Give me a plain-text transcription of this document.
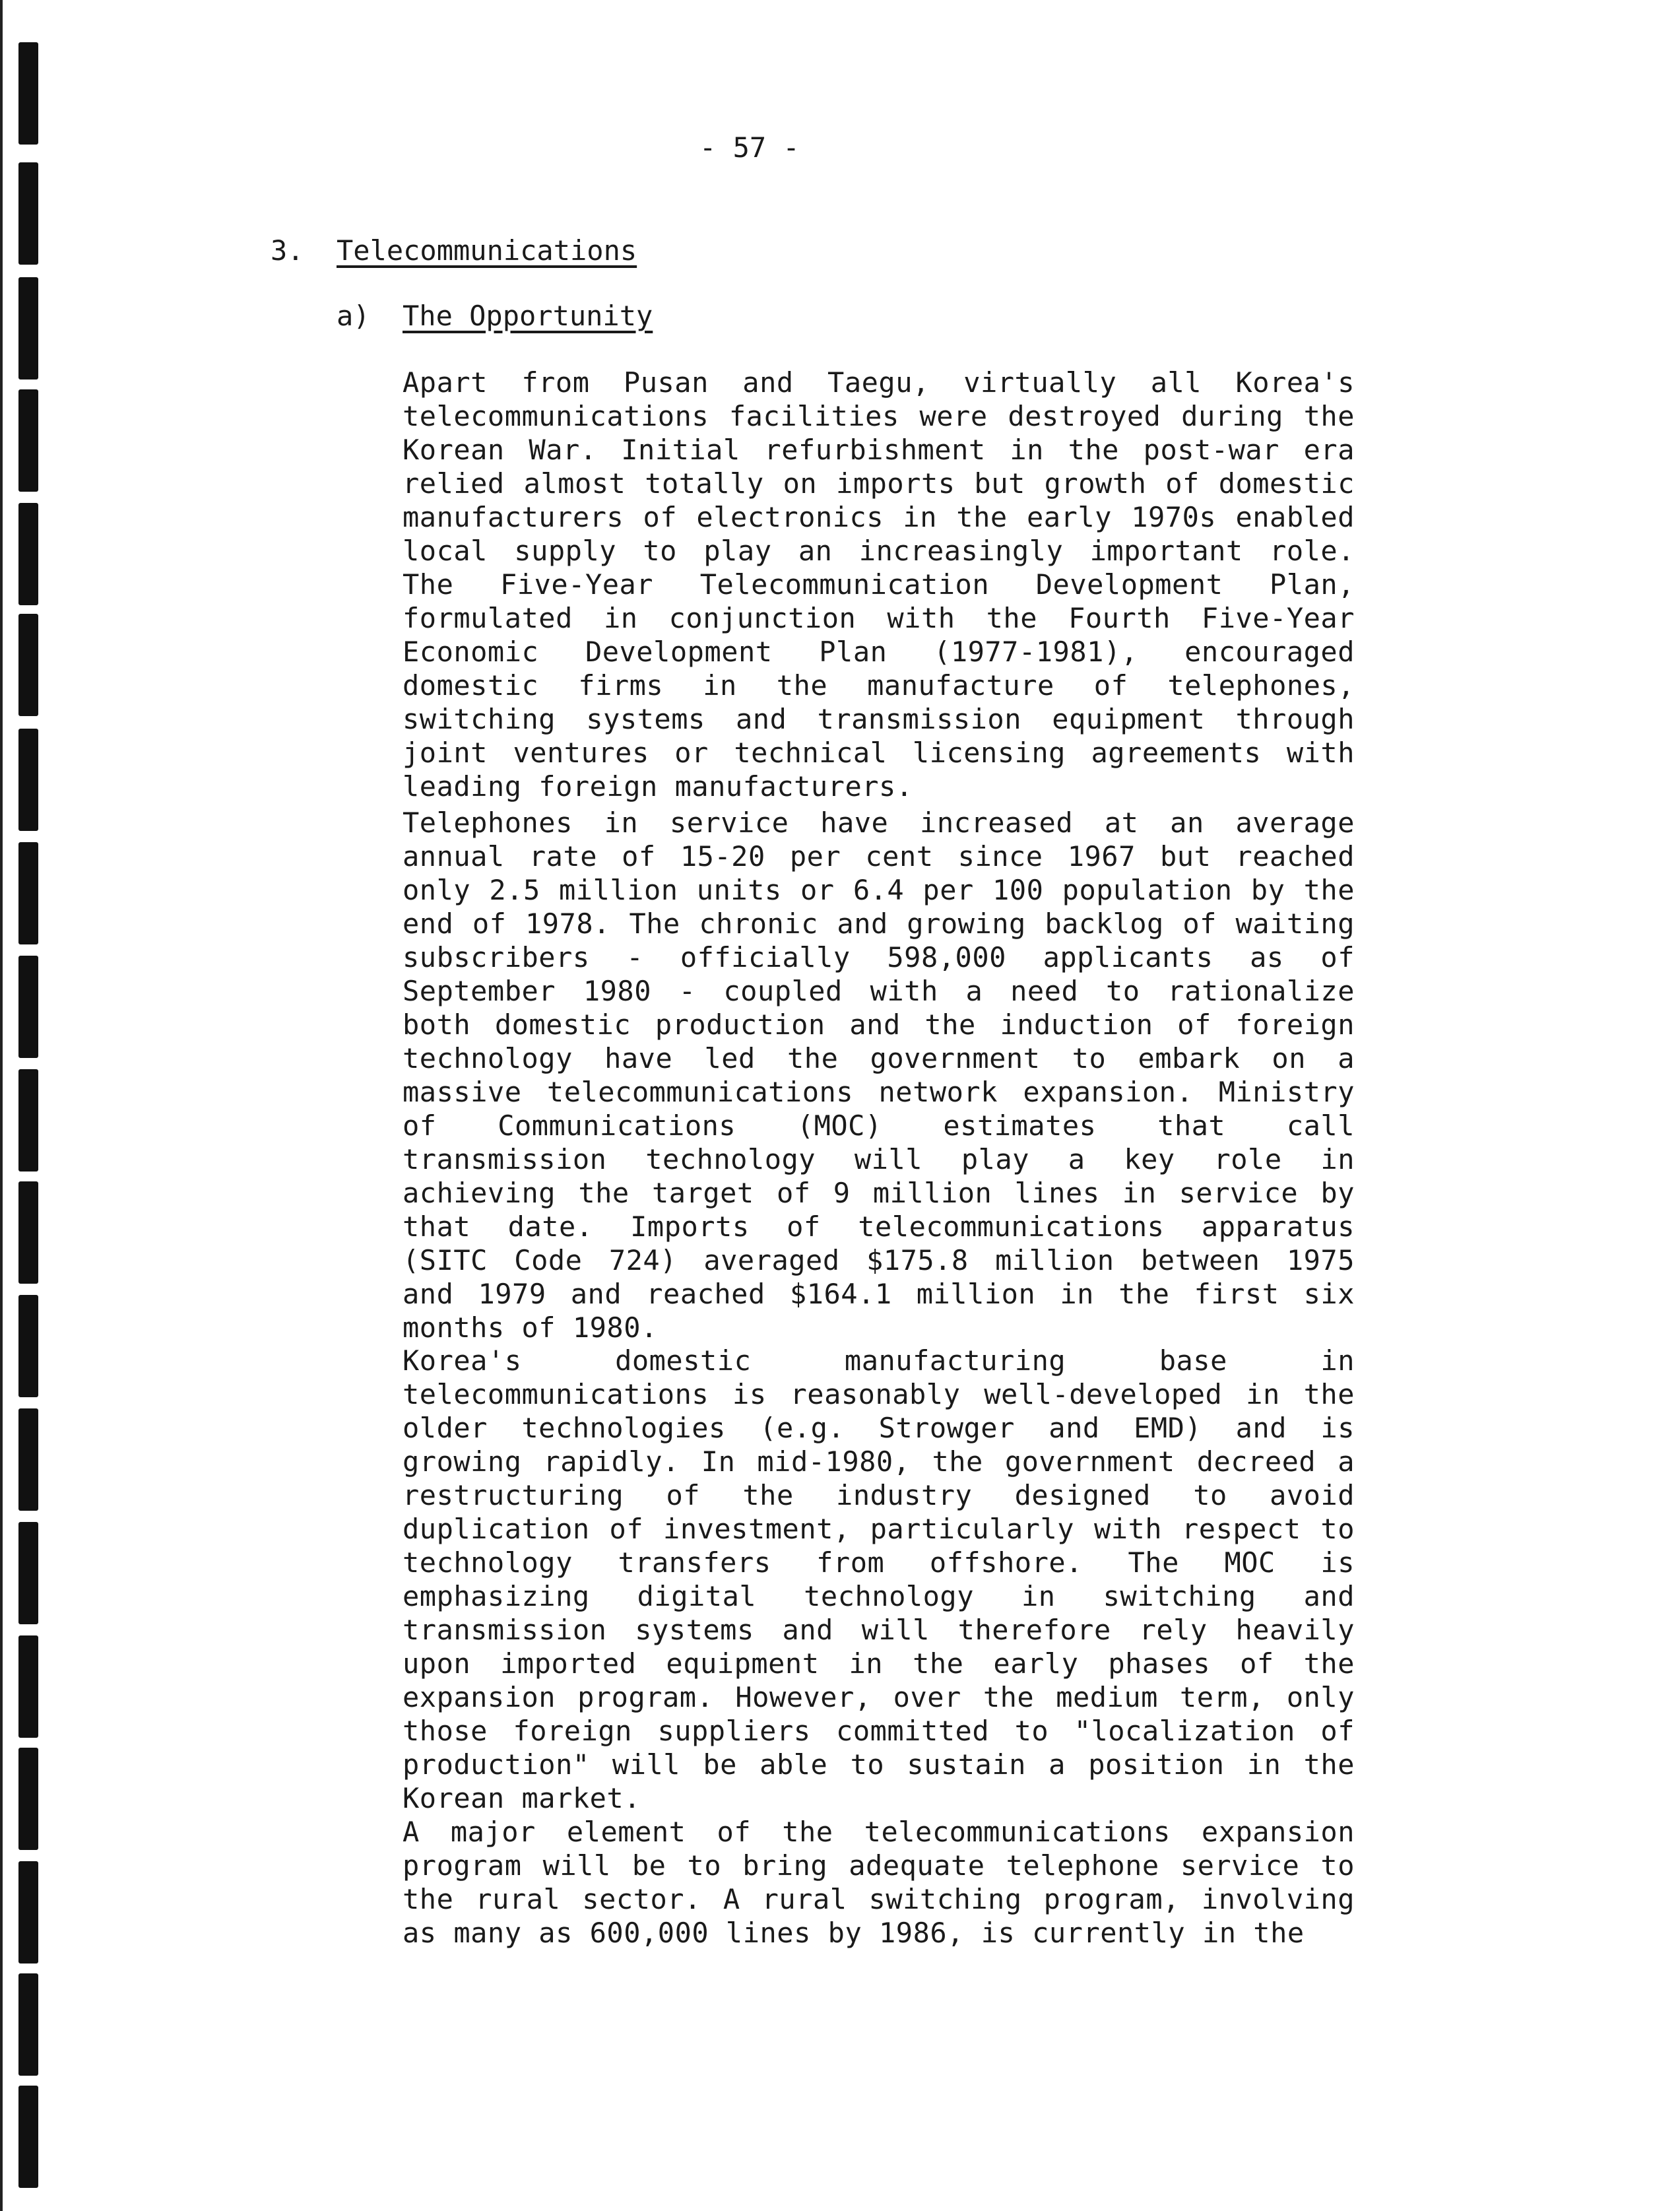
- 57 -
3. Telecommunications
a) The Opportunity

Apart from Pusan and Taegu, virtually all Korea's telecommunications facilities were destroyed during the Korean War. Initial refurbishment in the post-war era relied almost totally on imports but growth of domestic manufacturers of electronics in the early 1970s enabled local supply to play an increasingly important role. The Five-Year Telecommunication Development Plan, formulated in conjunction with the Fourth Five-Year Economic Development Plan (1977-1981), encouraged domestic firms in the manufacture of telephones, switching systems and transmission equipment through joint ventures or technical licensing agreements with leading foreign manufacturers.

Telephones in service have increased at an average annual rate of 15-20 per cent since 1967 but reached only 2.5 million units or 6.4 per 100 population by the end of 1978. The chronic and growing backlog of waiting subscribers - officially 598,000 applicants as of September 1980 - coupled with a need to rationalize both domestic production and the induction of foreign technology have led the government to embark on a massive telecommunications network expansion. Ministry of Communications (MOC) estimates that call transmission technology will play a key role in achieving the target of 9 million lines in service by that date. Imports of telecommunications apparatus (SITC Code 724) averaged $175.8 million between 1975 and 1979 and reached $164.1 million in the first six months of 1980.

Korea's domestic manufacturing base in telecommunications is reasonably well-developed in the older technologies (e.g. Strowger and EMD) and is growing rapidly. In mid-1980, the government decreed a restructuring of the industry designed to avoid duplication of investment, particularly with respect to technology transfers from offshore. The MOC is emphasizing digital technology in switching and transmission systems and will therefore rely heavily upon imported equipment in the early phases of the expansion program. However, over the medium term, only those foreign suppliers committed to "localization of production" will be able to sustain a position in the Korean market.

A major element of the telecommunications expansion program will be to bring adequate telephone service to the rural sector. A rural switching program, involving as many as 600,000 lines by 1986, is currently in the
